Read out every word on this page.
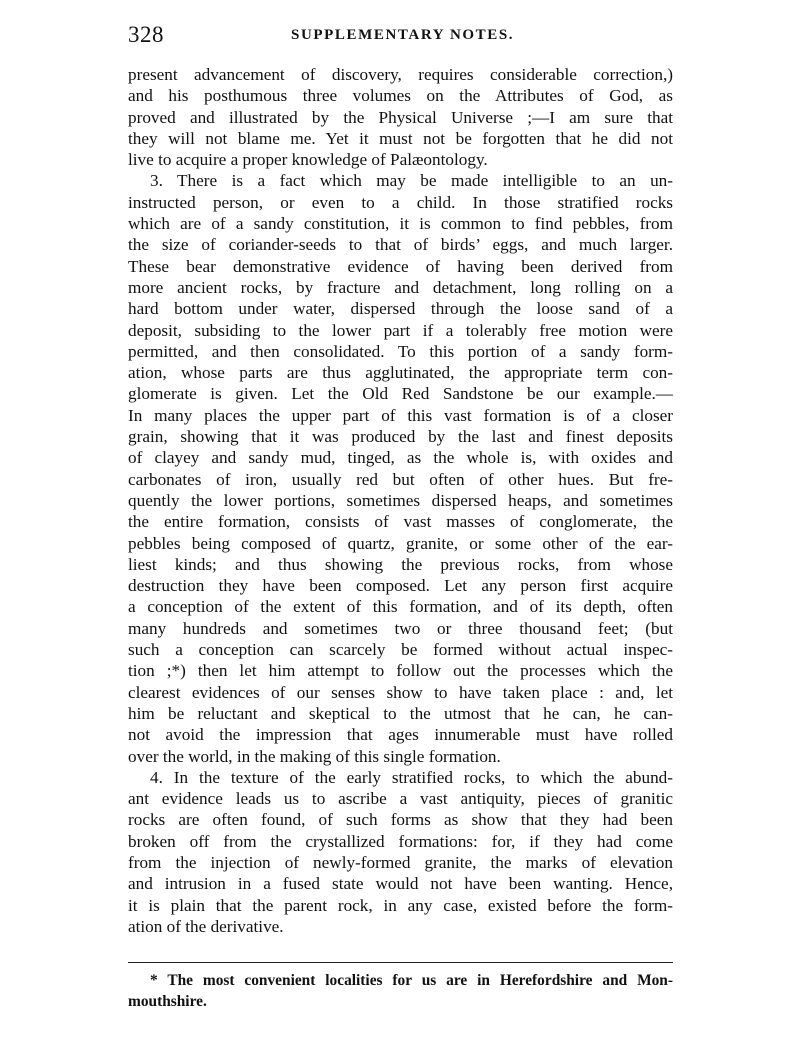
328	SUPPLEMENTARY NOTES.
present advancement of discovery, requires considerable correction,)
and his posthumous three volumes on the Attributes of God, as
proved and illustrated by the Physical Universe ;—I am sure that
they will not blame me. Yet it must not be forgotten that he did not
live to acquire a proper knowledge of Palæontology.
3. There is a fact which may be made intelligible to an un-
instructed person, or even to a child. In those stratified rocks
which are of a sandy constitution, it is common to find pebbles, from
the size of coriander-seeds to that of birds’ eggs, and much larger.
These bear demonstrative evidence of having been derived from
more ancient rocks, by fracture and detachment, long rolling on a
hard bottom under water, dispersed through the loose sand of a
deposit, subsiding to the lower part if a tolerably free motion were
permitted, and then consolidated. To this portion of a sandy form-
ation, whose parts are thus agglutinated, the appropriate term con-
glomerate is given. Let the Old Red Sandstone be our example.—
In many places the upper part of this vast formation is of a closer
grain, showing that it was produced by the last and finest deposits
of clayey and sandy mud, tinged, as the whole is, with oxides and
carbonates of iron, usually red but often of other hues. But fre-
quently the lower portions, sometimes dispersed heaps, and sometimes
the entire formation, consists of vast masses of conglomerate, the
pebbles being composed of quartz, granite, or some other of the ear-
liest kinds; and thus showing the previous rocks, from whose
destruction they have been composed. Let any person first acquire
a conception of the extent of this formation, and of its depth, often
many hundreds and sometimes two or three thousand feet; (but
such a conception can scarcely be formed without actual inspec-
tion ;*) then let him attempt to follow out the processes which the
clearest evidences of our senses show to have taken place : and, let
him be reluctant and skeptical to the utmost that he can, he can-
not avoid the impression that ages innumerable must have rolled
over the world, in the making of this single formation.
4. In the texture of the early stratified rocks, to which the abund-
ant evidence leads us to ascribe a vast antiquity, pieces of granitic
rocks are often found, of such forms as show that they had been
broken off from the crystallized formations: for, if they had come
from the injection of newly-formed granite, the marks of elevation
and intrusion in a fused state would not have been wanting. Hence,
it is plain that the parent rock, in any case, existed before the form-
ation of the derivative.
* The most convenient localities for us are in Herefordshire and Mon-
mouthshire.
